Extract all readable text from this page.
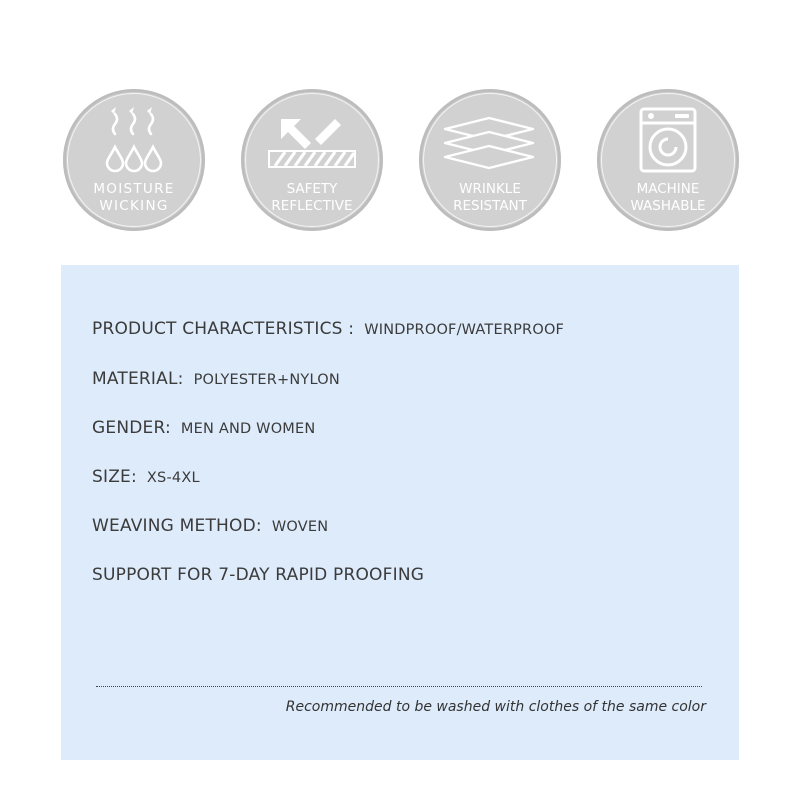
MOISTURE
WICKING
SAFETY
REFLECTIVE
WRINKLE
RESISTANT
MACHINE
WASHABLE
PRODUCT CHARACTERISTICS : WINDPROOF/WATERPROOF
MATERIAL: POLYESTER+NYLON
GENDER: MEN AND WOMEN
SIZE: XS-4XL
WEAVING METHOD: WOVEN
SUPPORT FOR 7-DAY RAPID PROOFING
Recommended to be washed with clothes of the same color
